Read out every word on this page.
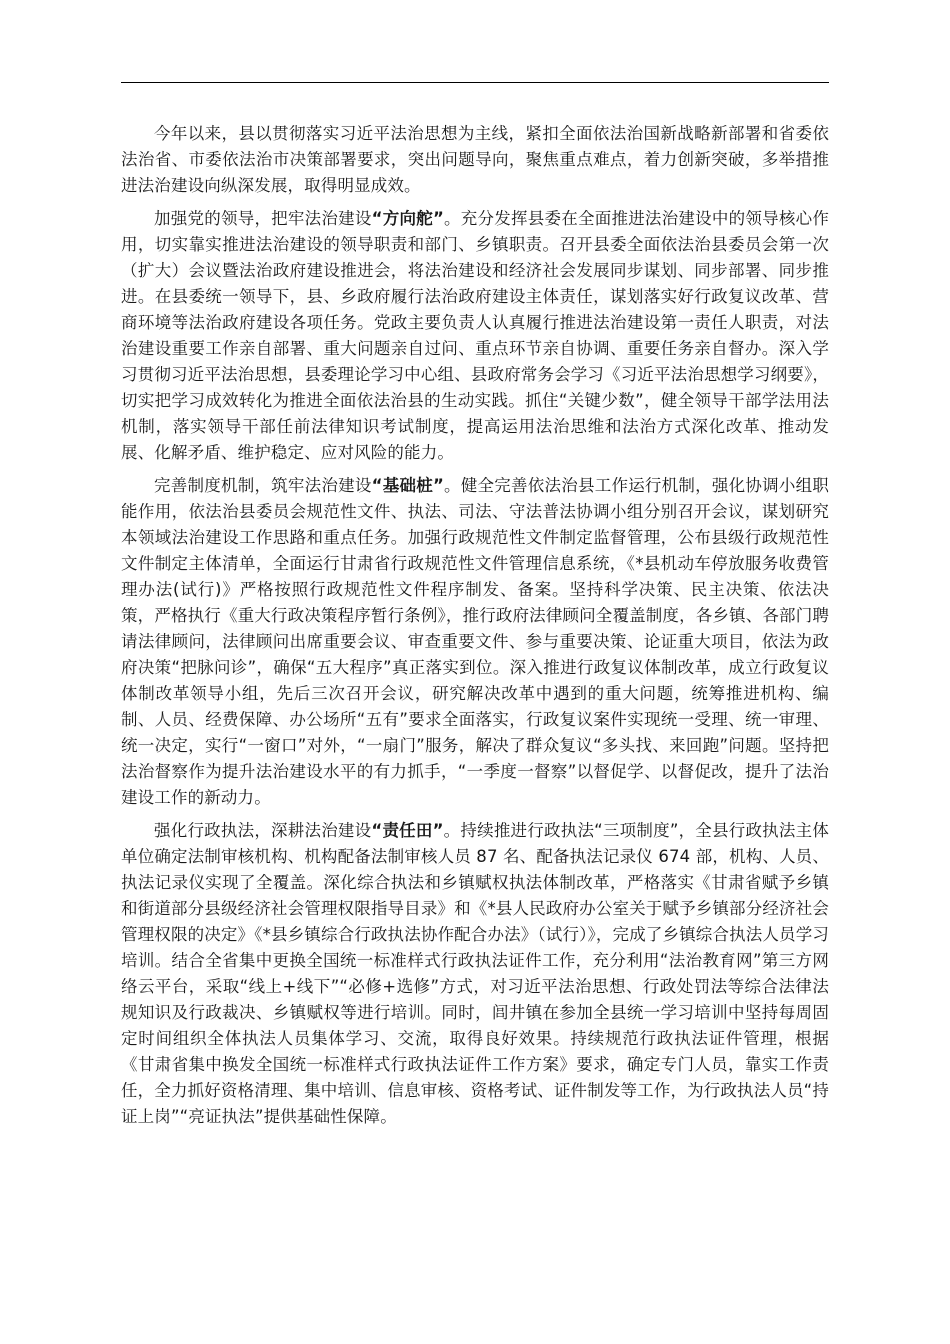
今年以来，县以贯彻落实习近平法治思想为主线，紧扣全面依法治国新战略新部署和省委依法治省、市委依法治市决策部署要求，突出问题导向，聚焦重点难点，着力创新突破，多举措推进法治建设向纵深发展，取得明显成效。

加强党的领导，把牢法治建设“方向舵”。充分发挥县委在全面推进法治建设中的领导核心作用，切实靠实推进法治建设的领导职责和部门、乡镇职责。召开县委全面依法治县委员会第一次（扩大）会议暨法治政府建设推进会，将法治建设和经济社会发展同步谋划、同步部署、同步推进。在县委统一领导下，县、乡政府履行法治政府建设主体责任，谋划落实好行政复议改革、营商环境等法治政府建设各项任务。党政主要负责人认真履行推进法治建设第一责任人职责，对法治建设重要工作亲自部署、重大问题亲自过问、重点环节亲自协调、重要任务亲自督办。深入学习贯彻习近平法治思想，县委理论学习中心组、县政府常务会学习《习近平法治思想学习纲要》，切实把学习成效转化为推进全面依法治县的生动实践。抓住“关键少数”，健全领导干部学法用法机制，落实领导干部任前法律知识考试制度，提高运用法治思维和法治方式深化改革、推动发展、化解矛盾、维护稳定、应对风险的能力。

完善制度机制，筑牢法治建设“基础桩”。健全完善依法治县工作运行机制，强化协调小组职能作用，依法治县委员会规范性文件、执法、司法、守法普法协调小组分别召开会议，谋划研究本领域法治建设工作思路和重点任务。加强行政规范性文件制定监督管理，公布县级行政规范性文件制定主体清单，全面运行甘肃省行政规范性文件管理信息系统，《*县机动车停放服务收费管理办法(试行)》严格按照行政规范性文件程序制发、备案。坚持科学决策、民主决策、依法决策，严格执行《重大行政决策程序暂行条例》，推行政府法律顾问全覆盖制度，各乡镇、各部门聘请法律顾问，法律顾问出席重要会议、审查重要文件、参与重要决策、论证重大项目，依法为政府决策“把脉问诊”，确保“五大程序”真正落实到位。深入推进行政复议体制改革，成立行政复议体制改革领导小组，先后三次召开会议，研究解决改革中遇到的重大问题，统筹推进机构、编制、人员、经费保障、办公场所“五有”要求全面落实，行政复议案件实现统一受理、统一审理、统一决定，实行“一窗口”对外，“一扇门”服务，解决了群众复议“多头找、来回跑”问题。坚持把法治督察作为提升法治建设水平的有力抓手，“一季度一督察”以督促学、以督促改，提升了法治建设工作的新动力。

强化行政执法，深耕法治建设“责任田”。持续推进行政执法“三项制度”，全县行政执法主体单位确定法制审核机构、机构配备法制审核人员 87 名、配备执法记录仪 674 部，机构、人员、执法记录仪实现了全覆盖。深化综合执法和乡镇赋权执法体制改革，严格落实《甘肃省赋予乡镇和街道部分县级经济社会管理权限指导目录》和《*县人民政府办公室关于赋予乡镇部分经济社会管理权限的决定》《*县乡镇综合行政执法协作配合办法》（试行）》，完成了乡镇综合执法人员学习培训。结合全省集中更换全国统一标准样式行政执法证件工作，充分利用“法治教育网”第三方网络云平台，采取“线上+线下”“必修+选修”方式，对习近平法治思想、行政处罚法等综合法律法规知识及行政裁决、乡镇赋权等进行培训。同时，闾井镇在参加全县统一学习培训中坚持每周固定时间组织全体执法人员集体学习、交流，取得良好效果。持续规范行政执法证件管理，根据《甘肃省集中换发全国统一标准样式行政执法证件工作方案》要求，确定专门人员，靠实工作责任，全力抓好资格清理、集中培训、信息审核、资格考试、证件制发等工作，为行政执法人员“持证上岗”“亮证执法”提供基础性保障。
